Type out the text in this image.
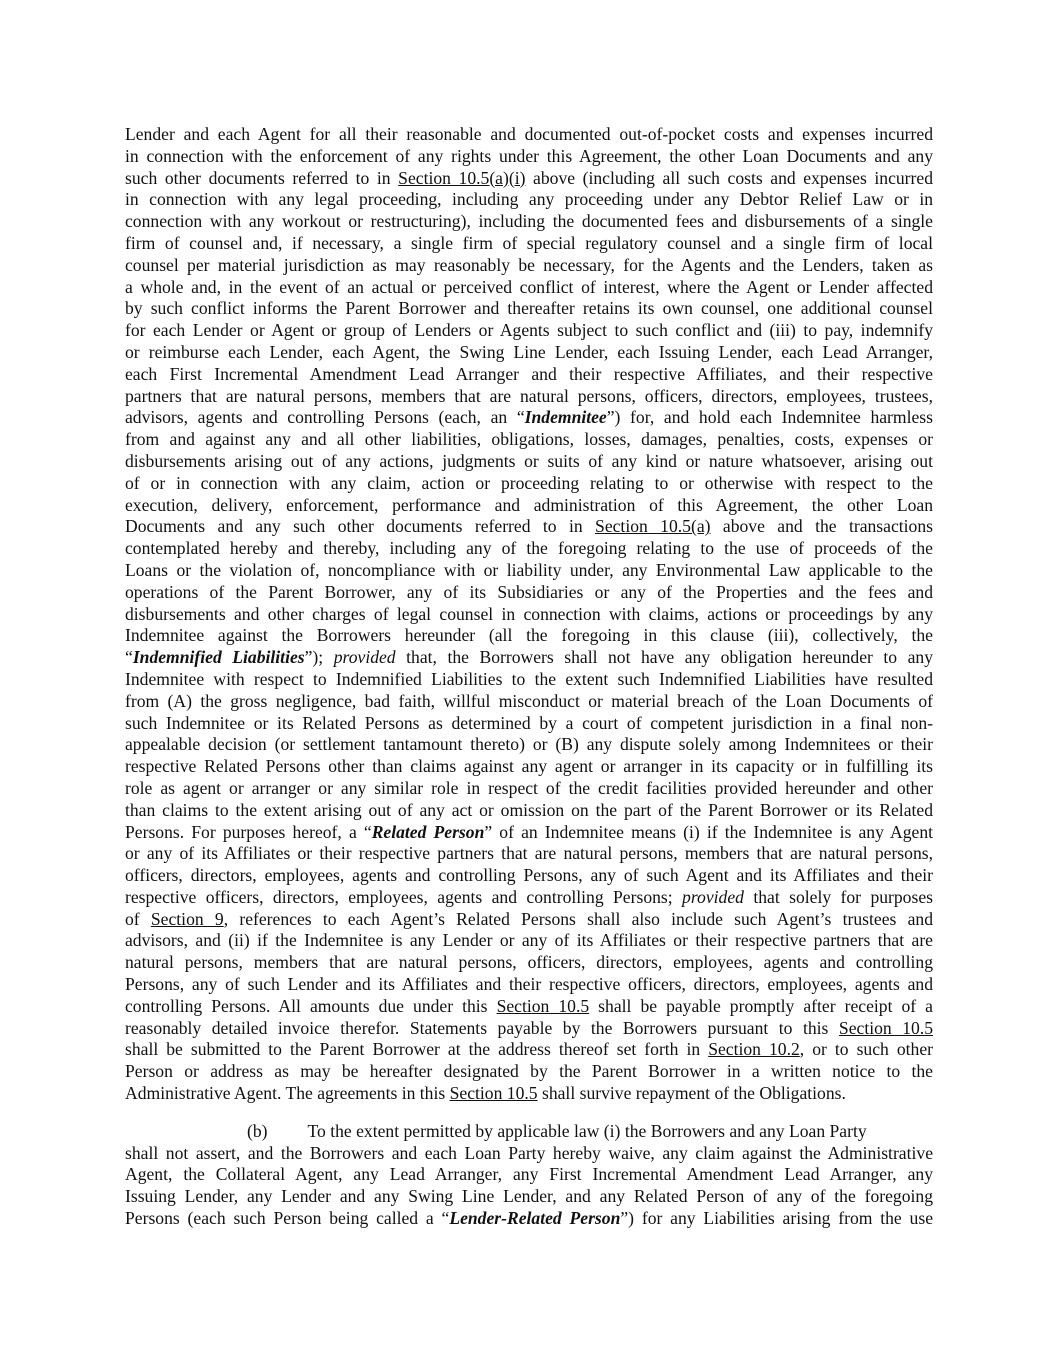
Lender and each Agent for all their reasonable and documented out-of-pocket costs and expenses incurred
in connection with the enforcement of any rights under this Agreement, the other Loan Documents and any
such other documents referred to in Section 10.5(a)(i) above (including all such costs and expenses incurred
in connection with any legal proceeding, including any proceeding under any Debtor Relief Law or in
connection with any workout or restructuring), including the documented fees and disbursements of a single
firm of counsel and, if necessary, a single firm of special regulatory counsel and a single firm of local
counsel per material jurisdiction as may reasonably be necessary, for the Agents and the Lenders, taken as
a whole and, in the event of an actual or perceived conflict of interest, where the Agent or Lender affected
by such conflict informs the Parent Borrower and thereafter retains its own counsel, one additional counsel
for each Lender or Agent or group of Lenders or Agents subject to such conflict and (iii) to pay, indemnify
or reimburse each Lender, each Agent, the Swing Line Lender, each Issuing Lender, each Lead Arranger,
each First Incremental Amendment Lead Arranger and their respective Affiliates, and their respective
partners that are natural persons, members that are natural persons, officers, directors, employees, trustees,
advisors, agents and controlling Persons (each, an “Indemnitee”) for, and hold each Indemnitee harmless
from and against any and all other liabilities, obligations, losses, damages, penalties, costs, expenses or
disbursements arising out of any actions, judgments or suits of any kind or nature whatsoever, arising out
of or in connection with any claim, action or proceeding relating to or otherwise with respect to the
execution, delivery, enforcement, performance and administration of this Agreement, the other Loan
Documents and any such other documents referred to in Section 10.5(a) above and the transactions
contemplated hereby and thereby, including any of the foregoing relating to the use of proceeds of the
Loans or the violation of, noncompliance with or liability under, any Environmental Law applicable to the
operations of the Parent Borrower, any of its Subsidiaries or any of the Properties and the fees and
disbursements and other charges of legal counsel in connection with claims, actions or proceedings by any
Indemnitee against the Borrowers hereunder (all the foregoing in this clause (iii), collectively, the
“Indemnified Liabilities”); provided that, the Borrowers shall not have any obligation hereunder to any
Indemnitee with respect to Indemnified Liabilities to the extent such Indemnified Liabilities have resulted
from (A) the gross negligence, bad faith, willful misconduct or material breach of the Loan Documents of
such Indemnitee or its Related Persons as determined by a court of competent jurisdiction in a final non-
appealable decision (or settlement tantamount thereto) or (B) any dispute solely among Indemnitees or their
respective Related Persons other than claims against any agent or arranger in its capacity or in fulfilling its
role as agent or arranger or any similar role in respect of the credit facilities provided hereunder and other
than claims to the extent arising out of any act or omission on the part of the Parent Borrower or its Related
Persons. For purposes hereof, a “Related Person” of an Indemnitee means (i) if the Indemnitee is any Agent
or any of its Affiliates or their respective partners that are natural persons, members that are natural persons,
officers, directors, employees, agents and controlling Persons, any of such Agent and its Affiliates and their
respective officers, directors, employees, agents and controlling Persons; provided that solely for purposes
of Section 9, references to each Agent’s Related Persons shall also include such Agent’s trustees and
advisors, and (ii) if the Indemnitee is any Lender or any of its Affiliates or their respective partners that are
natural persons, members that are natural persons, officers, directors, employees, agents and controlling
Persons, any of such Lender and its Affiliates and their respective officers, directors, employees, agents and
controlling Persons. All amounts due under this Section 10.5 shall be payable promptly after receipt of a
reasonably detailed invoice therefor. Statements payable by the Borrowers pursuant to this Section 10.5
shall be submitted to the Parent Borrower at the address thereof set forth in Section 10.2, or to such other
Person or address as may be hereafter designated by the Parent Borrower in a written notice to the
Administrative Agent. The agreements in this Section 10.5 shall survive repayment of the Obligations.
(b) To the extent permitted by applicable law (i) the Borrowers and any Loan Party
shall not assert, and the Borrowers and each Loan Party hereby waive, any claim against the Administrative
Agent, the Collateral Agent, any Lead Arranger, any First Incremental Amendment Lead Arranger, any
Issuing Lender, any Lender and any Swing Line Lender, and any Related Person of any of the foregoing
Persons (each such Person being called a “Lender-Related Person”) for any Liabilities arising from the use
